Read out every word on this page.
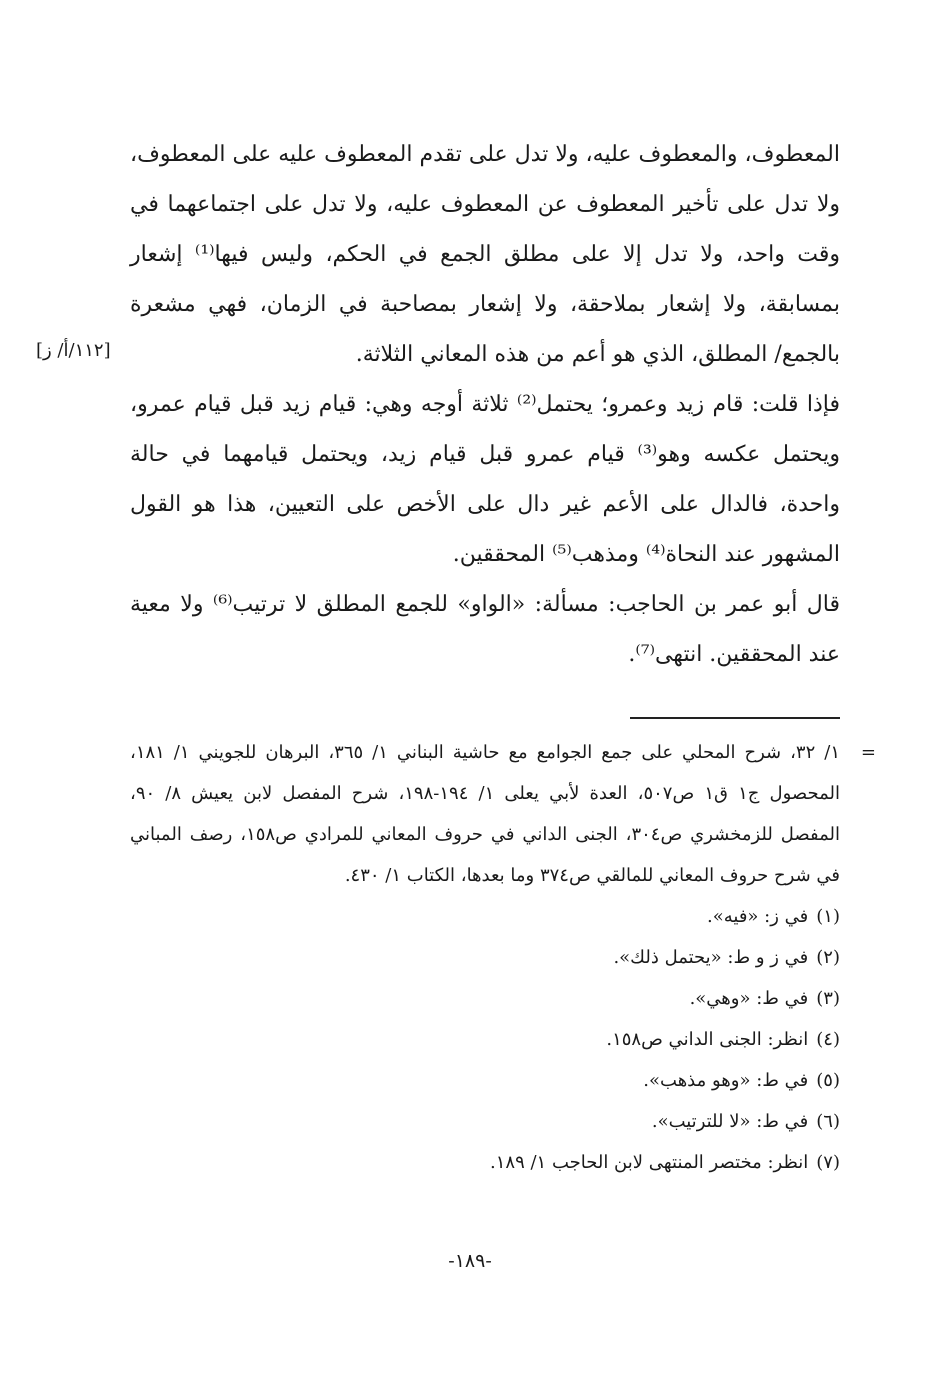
المعطوف، والمعطوف عليه، ولا تدل على تقدم المعطوف عليه على المعطوف، ولا تدل على تأخير المعطوف عن المعطوف عليه، ولا تدل على اجتماعهما في وقت واحد، ولا تدل إلا على مطلق الجمع في الحكم، وليس فيها⁽¹⁾ إشعار بمسابقة، ولا إشعار بملاحقة، ولا إشعار بمصاحبة في الزمان، فهي مشعرة بالجمع/ المطلق، الذي هو أعم من هذه المعاني الثلاثة.

فإذا قلت: قام زيد وعمرو؛ يحتمل⁽²⁾ ثلاثة أوجه وهي: قيام زيد قبل قيام عمرو، ويحتمل عكسه وهو⁽³⁾ قيام عمرو قبل قيام زيد، ويحتمل قيامهما في حالة واحدة، فالدال على الأعم غير دال على الأخص على التعيين، هذا هو القول المشهور عند النحاة⁽⁴⁾ ومذهب⁽⁵⁾ المحققين.

قال أبو عمر بن الحاجب: مسألة: «الواو» للجمع المطلق لا ترتيب⁽⁶⁾ ولا معية عند المحققين. انتهى⁽⁷⁾.

[١١٢/أ/ ز]

=
١/ ٣٢، شرح المحلي على جمع الجوامع مع حاشية البناني ١/ ٣٦٥، البرهان للجويني ١/ ١٨١، المحصول ج١ ق١ ص٥٠٧، العدة لأبي يعلى ١/ ١٩٤-١٩٨، شرح المفصل لابن يعيش ٨/ ٩٠، المفصل للزمخشري ص٣٠٤، الجنى الداني في حروف المعاني للمرادي ص١٥٨، رصف المباني في شرح حروف المعاني للمالقي ص٣٧٤ وما بعدها، الكتاب ١/ ٤٣٠.

(١)في ز: «فيه».

(٢)في ز و ط: «يحتمل ذلك».

(٣)في ط: «وهي».

(٤)انظر: الجنى الداني ص١٥٨.

(٥)في ط: «وهو مذهب».

(٦)في ط: «لا للترتيب».

(٧)انظر: مختصر المنتهى لابن الحاجب ١/ ١٨٩.

-١٨٩-
